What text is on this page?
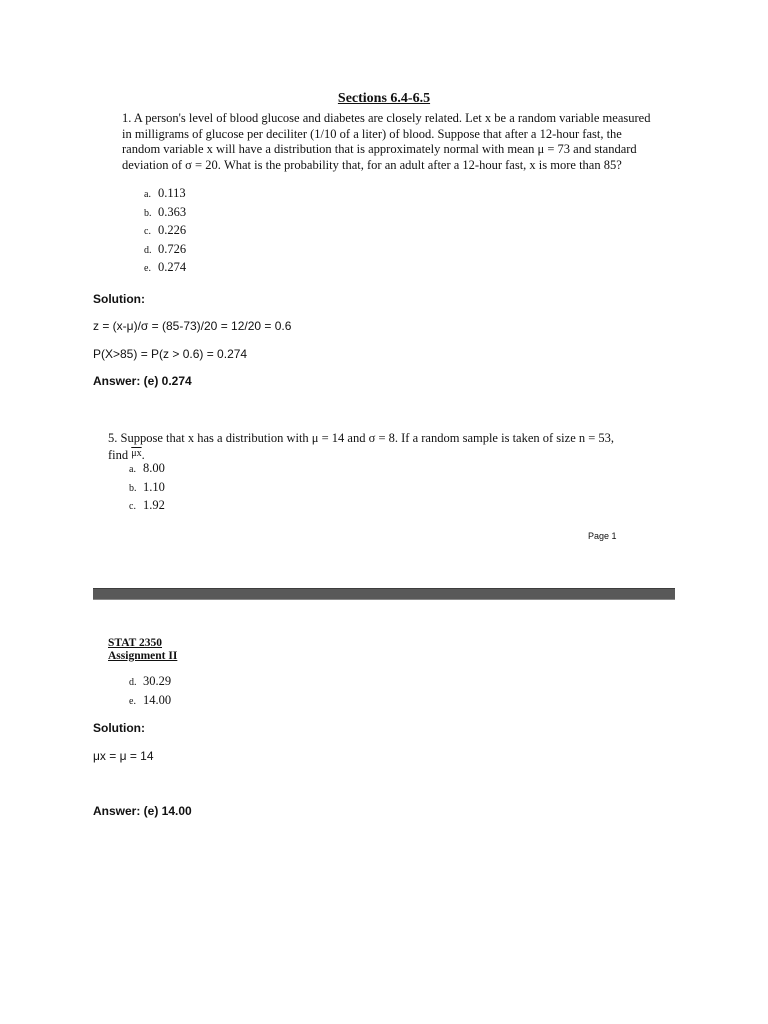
Sections 6.4-6.5
1. A person's level of blood glucose and diabetes are closely related. Let x be a random variable measured in milligrams of glucose per deciliter (1/10 of a liter) of blood. Suppose that after a 12-hour fast, the random variable x will have a distribution that is approximately normal with mean μ = 73 and standard deviation of σ = 20. What is the probability that, for an adult after a 12-hour fast, x is more than 85?
a. 0.113
b. 0.363
c. 0.226
d. 0.726
e. 0.274
Solution:
z = (x-μ)/σ = (85-73)/20 = 12/20 = 0.6
P(X>85) = P(z > 0.6) = 0.274
Answer: (e) 0.274
5. Suppose that x has a distribution with μ = 14 and σ = 8. If a random sample is taken of size n = 53, find $^{\overline{\mu x}}$.
a. 8.00
b. 1.10
c. 1.92
Page 1
STAT 2350
Assignment II
d. 30.29
e. 14.00
Solution:
μx = μ = 14
Answer: (e) 14.00
